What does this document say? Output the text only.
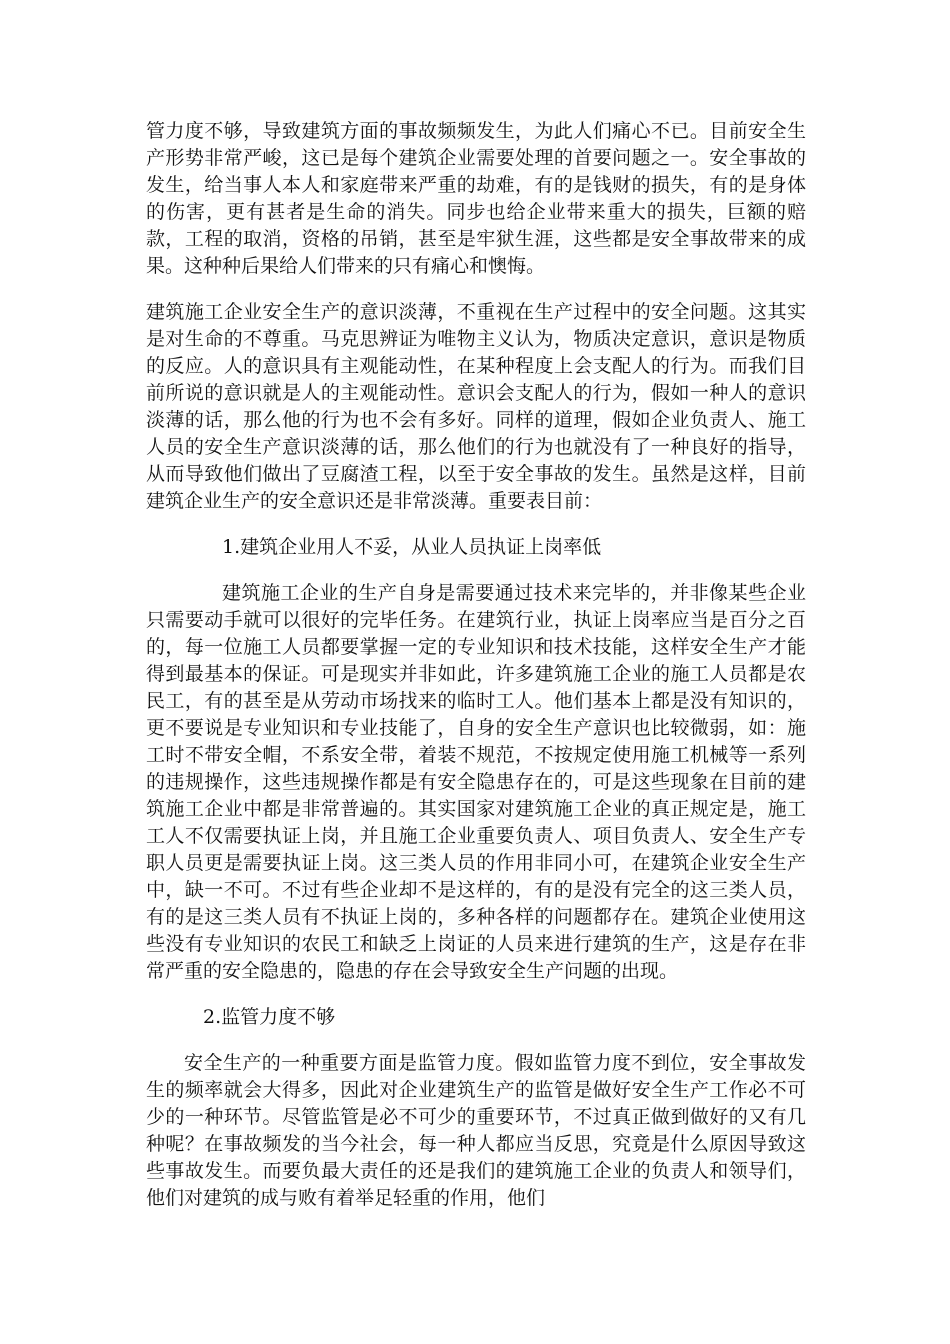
管力度不够，导致建筑方面的事故频频发生，为此人们痛心不已。目前安全生产形势非常严峻，这已是每个建筑企业需要处理的首要问题之一。安全事故的发生，给当事人本人和家庭带来严重的劫难，有的是钱财的损失，有的是身体的伤害，更有甚者是生命的消失。同步也给企业带来重大的损失，巨额的赔款，工程的取消，资格的吊销，甚至是牢狱生涯，这些都是安全事故带来的成果。这种种后果给人们带来的只有痛心和懊悔。

建筑施工企业安全生产的意识淡薄，不重视在生产过程中的安全问题。这其实是对生命的不尊重。马克思辨证为唯物主义认为，物质决定意识，意识是物质的反应。人的意识具有主观能动性，在某种程度上会支配人的行为。而我们目前所说的意识就是人的主观能动性。意识会支配人的行为，假如一种人的意识淡薄的话，那么他的行为也不会有多好。同样的道理，假如企业负责人、施工人员的安全生产意识淡薄的话，那么他们的行为也就没有了一种良好的指导，从而导致他们做出了豆腐渣工程，以至于安全事故的发生。虽然是这样，目前建筑企业生产的安全意识还是非常淡薄。重要表目前：

1.建筑企业用人不妥，从业人员执证上岗率低

建筑施工企业的生产自身是需要通过技术来完毕的，并非像某些企业只需要动手就可以很好的完毕任务。在建筑行业，执证上岗率应当是百分之百的，每一位施工人员都要掌握一定的专业知识和技术技能，这样安全生产才能得到最基本的保证。可是现实并非如此，许多建筑施工企业的施工人员都是农民工，有的甚至是从劳动市场找来的临时工人。他们基本上都是没有知识的，更不要说是专业知识和专业技能了，自身的安全生产意识也比较微弱，如：施工时不带安全帽，不系安全带，着装不规范，不按规定使用施工机械等一系列的违规操作，这些违规操作都是有安全隐患存在的，可是这些现象在目前的建筑施工企业中都是非常普遍的。其实国家对建筑施工企业的真正规定是，施工工人不仅需要执证上岗，并且施工企业重要负责人、项目负责人、安全生产专职人员更是需要执证上岗。这三类人员的作用非同小可，在建筑企业安全生产中，缺一不可。不过有些企业却不是这样的，有的是没有完全的这三类人员，有的是这三类人员有不执证上岗的，多种各样的问题都存在。建筑企业使用这些没有专业知识的农民工和缺乏上岗证的人员来进行建筑的生产，这是存在非常严重的安全隐患的，隐患的存在会导致安全生产问题的出现。

2.监管力度不够

安全生产的一种重要方面是监管力度。假如监管力度不到位，安全事故发生的频率就会大得多，因此对企业建筑生产的监管是做好安全生产工作必不可少的一种环节。尽管监管是必不可少的重要环节，不过真正做到做好的又有几种呢？在事故频发的当今社会，每一种人都应当反思，究竟是什么原因导致这些事故发生。而要负最大责任的还是我们的建筑施工企业的负责人和领导们，他们对建筑的成与败有着举足轻重的作用，他们
